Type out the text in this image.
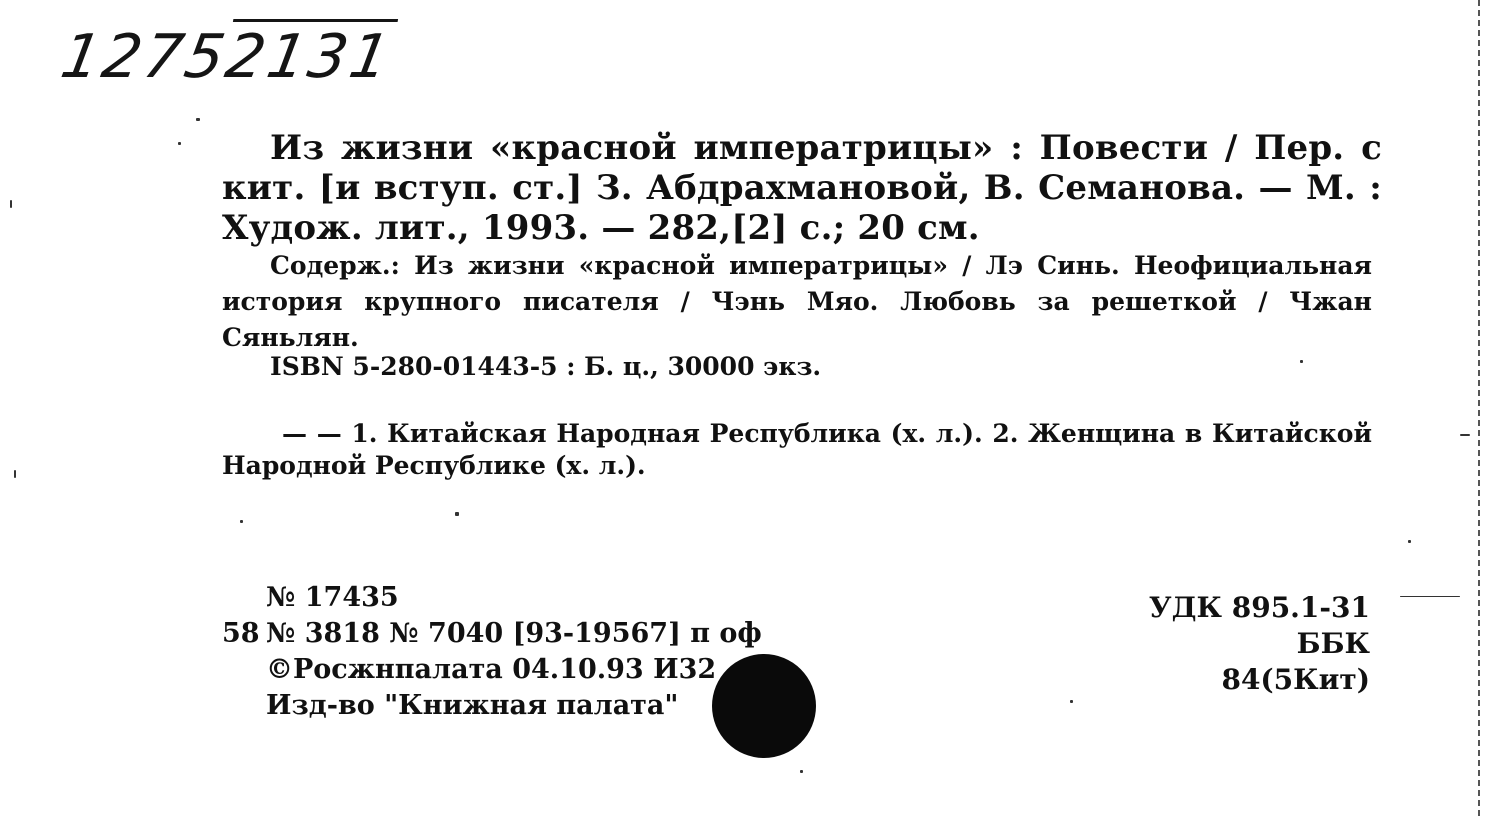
12752131
Из жизни «красной императрицы» : Повести / Пер. с кит. [и вступ. ст.] З. Абдрахмановой, В. Семанова. — М. : Худож. лит., 1993. — 282,[2] с.; 20 см.
Содерж.: Из жизни «красной императрицы» / Лэ Синь. Неофициальная история крупного писателя / Чэнь Мяо. Любовь за решеткой / Чжан Сяньлян.
ISBN 5-280-01443-5 : Б. ц., 30000 экз.
— — 1. Китайская Народная Республика (х. л.). 2. Женщина в Китайской Народной Республике (х. л.).
№ 17435
58 № 3818 № 7040 [93-19567] п оф
©Росжнпалата 04.10.93 И32
Изд-во "Книжная палата"
УДК 895.1-31
ББК 84(5Кит)
